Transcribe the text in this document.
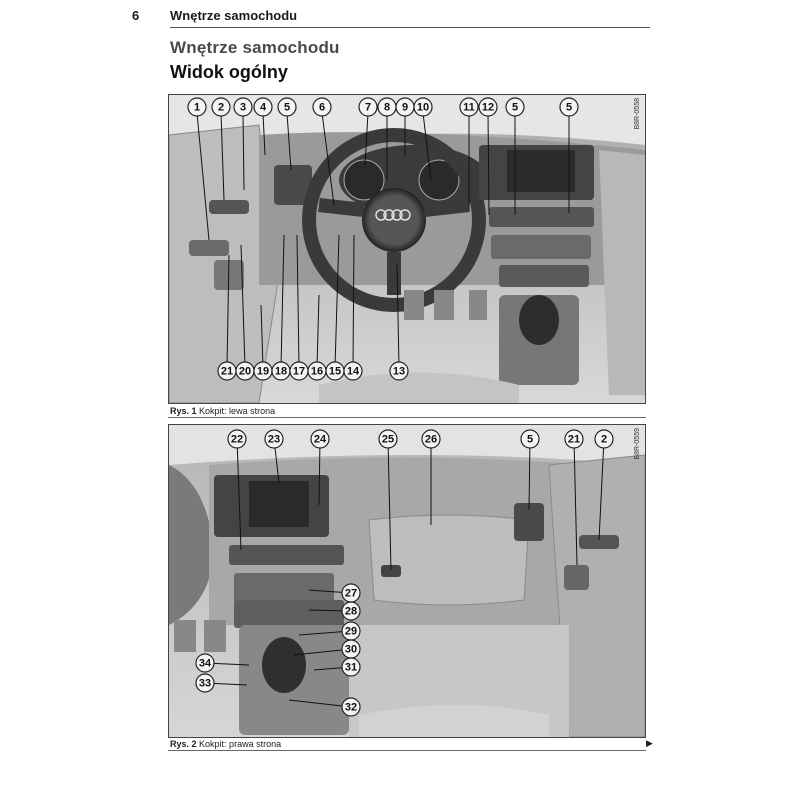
6 Wnętrze samochodu
Wnętrze samochodu
Widok ogólny
1 2 3 4 5	6	7 8 9 10	11 12 5	5
21 20 19 18 17 16 15 14	13
B8R-0558
Rys. 1 Kokpit: lewa strona
22 23	24	25	26	5	21 2
27
28
29
30
31
34
33
32
B8R-0559
Rys. 2 Kokpit: prawa strona	▶
